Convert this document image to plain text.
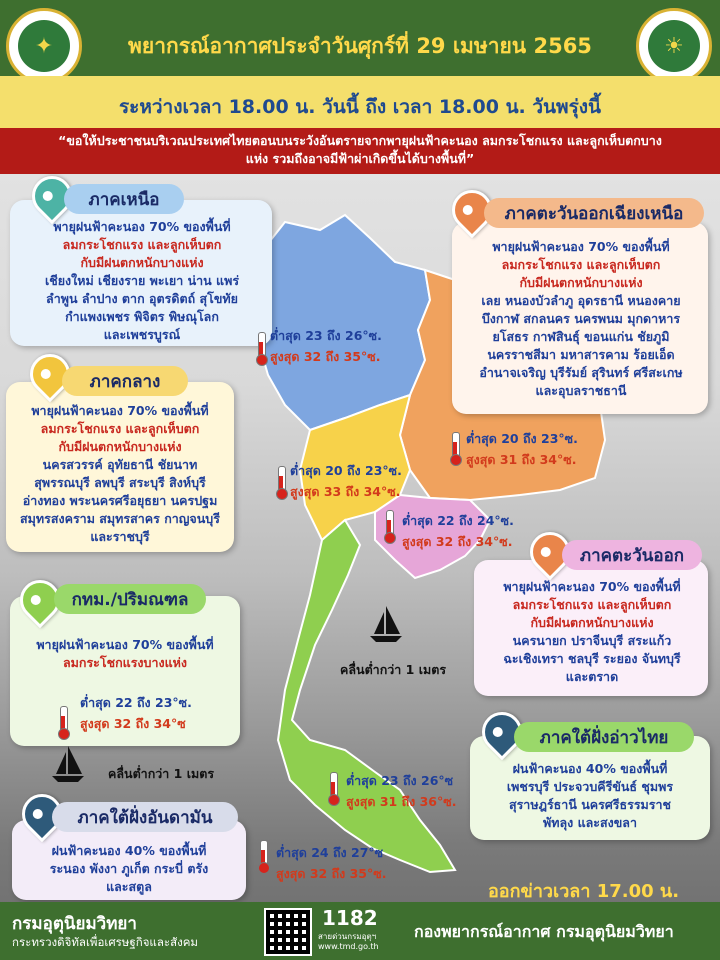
✦	☀
พยากรณ์อากาศประจำวันศุกร์ที่ 29 เมษายน 2565
ระหว่างเวลา 18.00 น. วันนี้ ถึง เวลา 18.00 น. วันพรุ่งนี้
“ขอให้ประชาชนบริเวณประเทศไทยตอนบนระวังอันตรายจากพายุฝนฟ้าคะนอง ลมกระโชกแรง และลูกเห็บตกบาง
แห่ง รวมถึงอาจมีฟ้าผ่าเกิดขึ้นได้บางพื้นที่”
ภาคเหนือ
พายุฝนฟ้าคะนอง 70% ของพื้นที่
ลมกระโชกแรง และลูกเห็บตก
กับมีฝนตกหนักบางแห่ง
เชียงใหม่ เชียงราย พะเยา น่าน แพร่
ลำพูน ลำปาง ตาก อุตรดิตถ์ สุโขทัย
กำแพงเพชร พิจิตร พิษณุโลก
และเพชรบูรณ์
ภาคตะวันออกเฉียงเหนือ
พายุฝนฟ้าคะนอง 70% ของพื้นที่
ลมกระโชกแรง และลูกเห็บตก
กับมีฝนตกหนักบางแห่ง
เลย หนองบัวลำภู อุดรธานี หนองคาย
บึงกาฬ สกลนคร นครพนม มุกดาหาร
ยโสธร กาฬสินธุ์ ขอนแก่น ชัยภูมิ
นครราชสีมา มหาสารคาม ร้อยเอ็ด
อำนาจเจริญ บุรีรัมย์ สุรินทร์ ศรีสะเกษ
และอุบลราชธานี
ภาคกลาง
พายุฝนฟ้าคะนอง 70% ของพื้นที่
ลมกระโชกแรง และลูกเห็บตก
กับมีฝนตกหนักบางแห่ง
นครสวรรค์ อุทัยธานี ชัยนาท
สุพรรณบุรี ลพบุรี สระบุรี สิงห์บุรี
อ่างทอง พระนครศรีอยุธยา นครปฐม
สมุทรสงคราม สมุทรสาคร กาญจนบุรี
และราชบุรี
ภาคตะวันออก
พายุฝนฟ้าคะนอง 70% ของพื้นที่
ลมกระโชกแรง และลูกเห็บตก
กับมีฝนตกหนักบางแห่ง
นครนายก ปราจีนบุรี สระแก้ว
ฉะเชิงเทรา ชลบุรี ระยอง จันทบุรี
และตราด
กทม./ปริมณฑล
พายุฝนฟ้าคะนอง 70% ของพื้นที่
ลมกระโชกแรงบางแห่ง
ต่ำสุด 22 ถึง 23°ซ.
สูงสุด 32 ถึง 34°ซ
ภาคใต้ฝั่งอ่าวไทย
ฝนฟ้าคะนอง 40% ของพื้นที่
เพชรบุรี ประจวบคีรีขันธ์ ชุมพร
สุราษฎร์ธานี นครศรีธรรมราช
พัทลุง และสงขลา
ภาคใต้ฝั่งอันดามัน
ฝนฟ้าคะนอง 40% ของพื้นที่
ระนอง พังงา ภูเก็ต กระบี่ ตรัง
และสตูล
ต่ำสุด 23 ถึง 26°ซ.
สูงสุด 32 ถึง 35°ซ.
ต่ำสุด 20 ถึง 23°ซ.
สูงสุด 31 ถึง 34°ซ.
ต่ำสุด 20 ถึง 23°ซ.
สูงสุด 33 ถึง 34°ซ.
ต่ำสุด 22 ถึง 24°ซ.
สูงสุด 32 ถึง 34°ซ.
ต่ำสุด 23 ถึง 26°ซ
สูงสุด 31 ถึง 36°ซ.
ต่ำสุด 24 ถึง 27°ซ
สูงสุด 32 ถึง 35°ซ.
คลื่นต่ำกว่า 1 เมตร
คลื่นต่ำกว่า 1 เมตร
ออกข่าวเวลา 17.00 น.
กรมอุตุนิยมวิทยา
กระทรวงดิจิทัลเพื่อเศรษฐกิจและสังคม
1182
สายด่วนกรมอุตุฯ
www.tmd.go.th
กองพยากรณ์อากาศ กรมอุตุนิยมวิทยา
